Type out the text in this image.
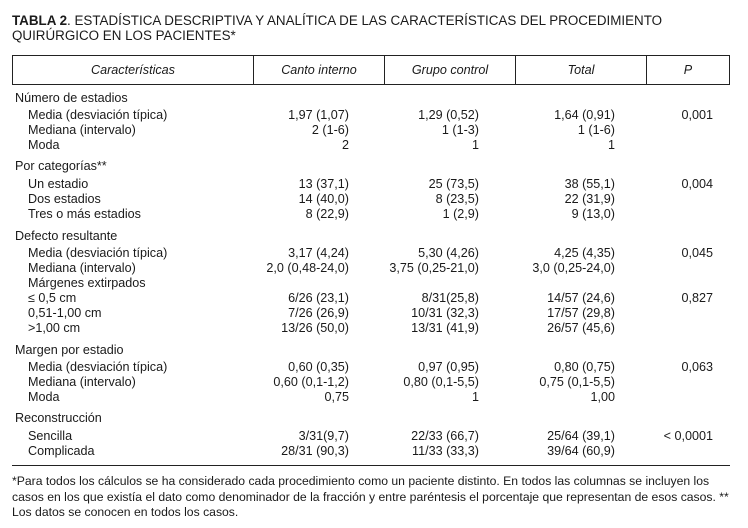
TABLA 2. ESTADÍSTICA DESCRIPTIVA Y ANALÍTICA DE LAS CARACTERÍSTICAS DEL PROCEDIMIENTO QUIRÚRGICO EN LOS PACIENTES*
Características	Canto interno	Grupo control	Total	P
Número de estadios
Media (desviación típica)	1,97 (1,07)	1,29 (0,52)	1,64 (0,91)	0,001
Mediana (intervalo)	2 (1-6)	1 (1-3)	1 (1-6)
Moda	2	1	1
Por categorías**
Un estadio	13 (37,1)	25 (73,5)	38 (55,1)	0,004
Dos estadios	14 (40,0)	8 (23,5)	22 (31,9)
Tres o más estadios	8 (22,9)	1 (2,9)	9 (13,0)
Defecto resultante
Media (desviación típica)	3,17 (4,24)	5,30 (4,26)	4,25 (4,35)	0,045
Mediana (intervalo)	2,0 (0,48-24,0)	3,75 (0,25-21,0)	3,0 (0,25-24,0)
Márgenes extirpados
≤ 0,5 cm	6/26 (23,1)	8/31(25,8)	14/57 (24,6)	0,827
0,51-1,00 cm	7/26 (26,9)	10/31 (32,3)	17/57 (29,8)
>1,00 cm	13/26 (50,0)	13/31 (41,9)	26/57 (45,6)
Margen por estadio
Media (desviación típica)	0,60 (0,35)	0,97 (0,95)	0,80 (0,75)	0,063
Mediana (intervalo)	0,60 (0,1-1,2)	0,80 (0,1-5,5)	0,75 (0,1-5,5)
Moda	0,75	1	1,00
Reconstrucción
Sencilla	3/31(9,7)	22/33 (66,7)	25/64 (39,1)	< 0,0001
Complicada	28/31 (90,3)	11/33 (33,3)	39/64 (60,9)
*Para todos los cálculos se ha considerado cada procedimiento como un paciente distinto. En todos las columnas se incluyen los casos en los que existía el dato como denominador de la fracción y entre paréntesis el porcentaje que representan de esos casos. ** Los datos se conocen en todos los casos.
